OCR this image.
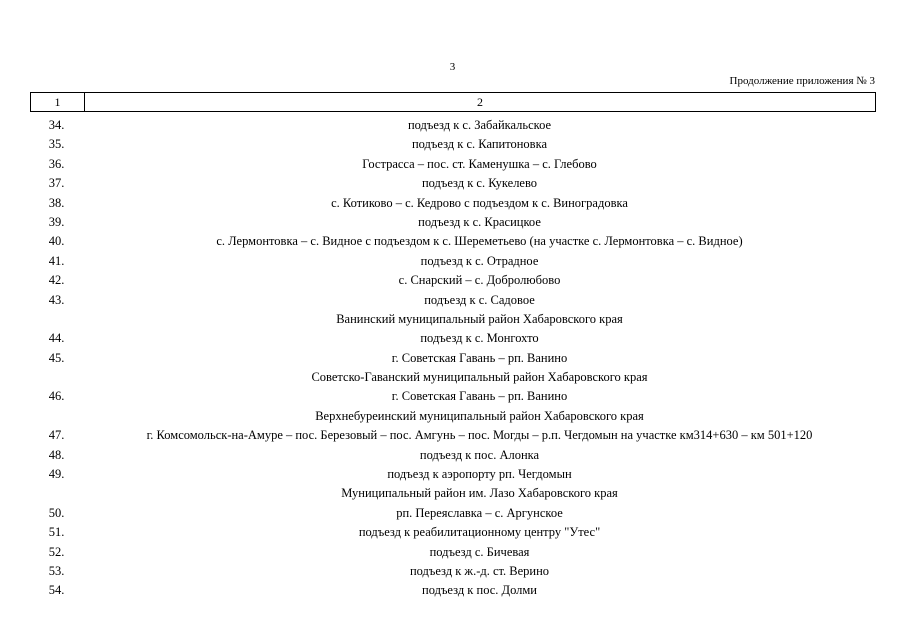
3
Продолжение приложения № 3
1	2
34.	подъезд к с. Забайкальское
35.	подъезд к с. Капитоновка
36.	Гострасса – пос. ст. Каменушка – с. Глебово
37.	подъезд к с. Кукелево
38.	с. Котиково – с. Кедрово с подъездом к с. Виноградовка
39.	подъезд к с. Красицкое
40.	с. Лермонтовка – с. Видное с подъездом к с. Шереметьево (на участке с. Лермонтовка – с. Видное)
41.	подъезд к с. Отрадное
42.	с. Снарский – с. Добролюбово
43.	подъезд к с. Садовое
Ванинский муниципальный район Хабаровского края
44.	подъезд к с. Монгохто
45.	г. Советская Гавань – рп. Ванино
Советско-Гаванский муниципальный район Хабаровского края
46.	г. Советская Гавань – рп. Ванино
Верхнебуреинский муниципальный район Хабаровского края
47.	г. Комсомольск-на-Амуре – пос. Березовый – пос. Амгунь – пос. Могды – р.п. Чегдомын на участке км314+630 – км 501+120
48.	подъезд к пос. Алонка
49.	подъезд к аэропорту рп. Чегдомын
Муниципальный район им. Лазо Хабаровского края
50.	рп. Переяславка – с. Аргунское
51.	подъезд к реабилитационному центру "Утес"
52.	подъезд с. Бичевая
53.	подъезд к ж.-д. ст. Верино
54.	подъезд к пос. Долми
